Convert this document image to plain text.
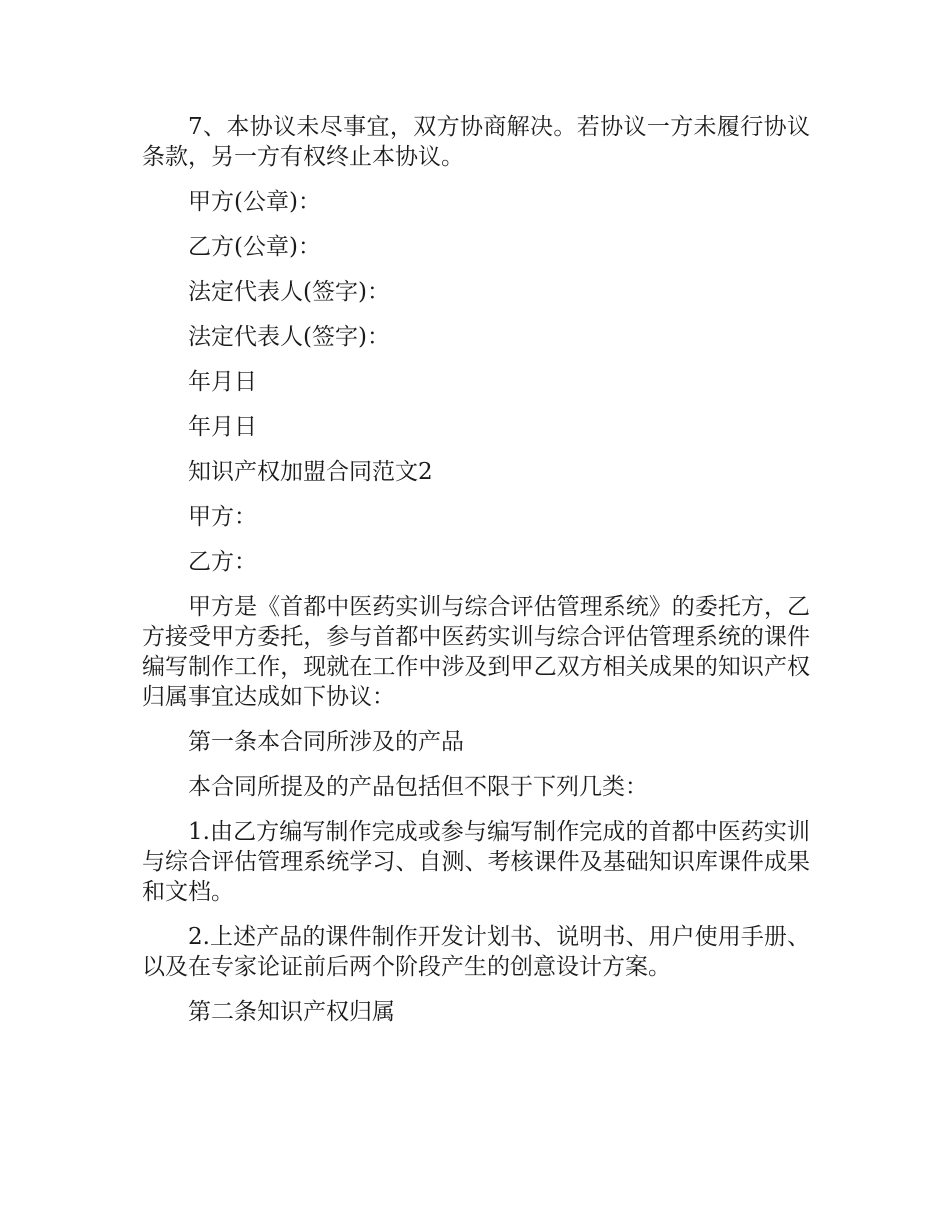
7、本协议未尽事宜，双方协商解决。若协议一方未履行协议条款，另一方有权终止本协议。

甲方(公章)：

乙方(公章)：

法定代表人(签字)：

法定代表人(签字)：

年月日

年月日

知识产权加盟合同范文2

甲方：

乙方：

甲方是《首都中医药实训与综合评估管理系统》的委托方，乙方接受甲方委托，参与首都中医药实训与综合评估管理系统的课件编写制作工作，现就在工作中涉及到甲乙双方相关成果的知识产权归属事宜达成如下协议：

第一条本合同所涉及的产品

本合同所提及的产品包括但不限于下列几类：

1.由乙方编写制作完成或参与编写制作完成的首都中医药实训与综合评估管理系统学习、自测、考核课件及基础知识库课件成果和文档。

2.上述产品的课件制作开发计划书、说明书、用户使用手册、以及在专家论证前后两个阶段产生的创意设计方案。

第二条知识产权归属
